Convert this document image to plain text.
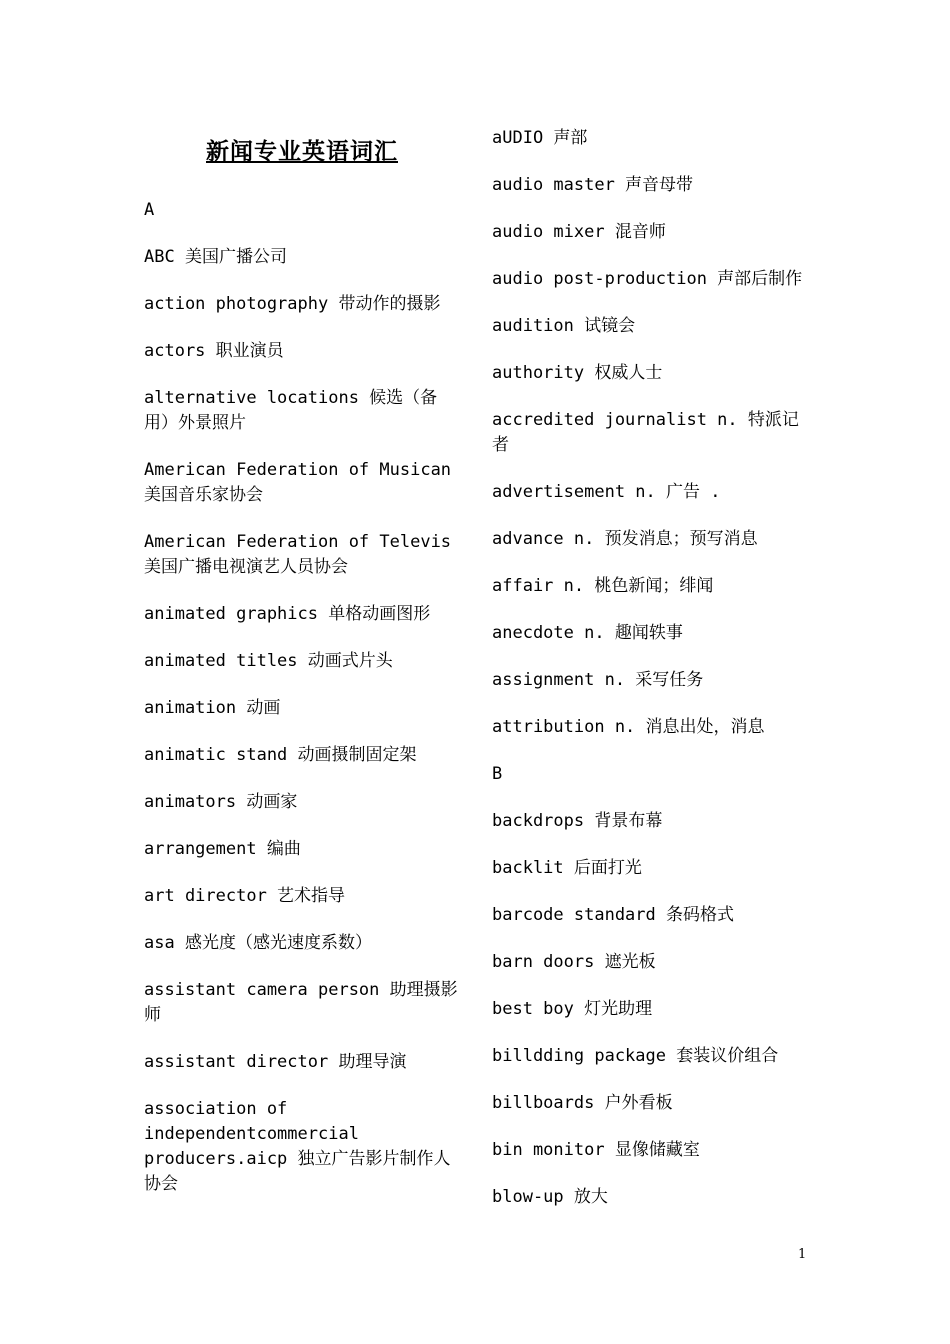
新闻专业英语词汇
A
ABC 美国广播公司
action photography 带动作的摄影
actors 职业演员
alternative locations 候选（备用）外景照片
American Federation of Musican 美国音乐家协会
American Federation of Televis 美国广播电视演艺人员协会
animated graphics 单格动画图形
animated titles 动画式片头
animation 动画
animatic stand 动画摄制固定架
animators 动画家
arrangement 编曲
art director 艺术指导
asa 感光度（感光速度系数）
assistant camera person 助理摄影师
assistant director 助理导演
association of independentcommercial producers.aicp 独立广告影片制作人协会
aUDIO 声部
audio master 声音母带
audio mixer 混音师
audio post-production 声部后制作
audition 试镜会
authority 权威人士
accredited journalist n. 特派记者
advertisement n. 广告 .
advance n. 预发消息；预写消息
affair n. 桃色新闻；绯闻
anecdote n. 趣闻轶事
assignment n. 采写任务
attribution n. 消息出处，消息
B
backdrops 背景布幕
backlit 后面打光
barcode standard 条码格式
barn doors 遮光板
best boy 灯光助理
billdding package 套装议价组合
billboards 户外看板
bin monitor 显像储藏室
blow-up 放大
1
